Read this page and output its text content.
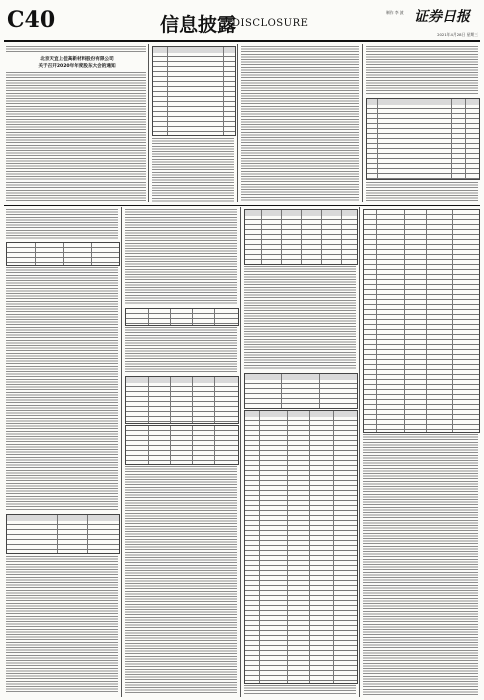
C40	信息披露
DISCLOSURE
制作 李 波 证券日报
2021年4月28日 星期三
北京天宜上佳高新材料股份有限公司
关于召开2020年年度股东大会的通知
